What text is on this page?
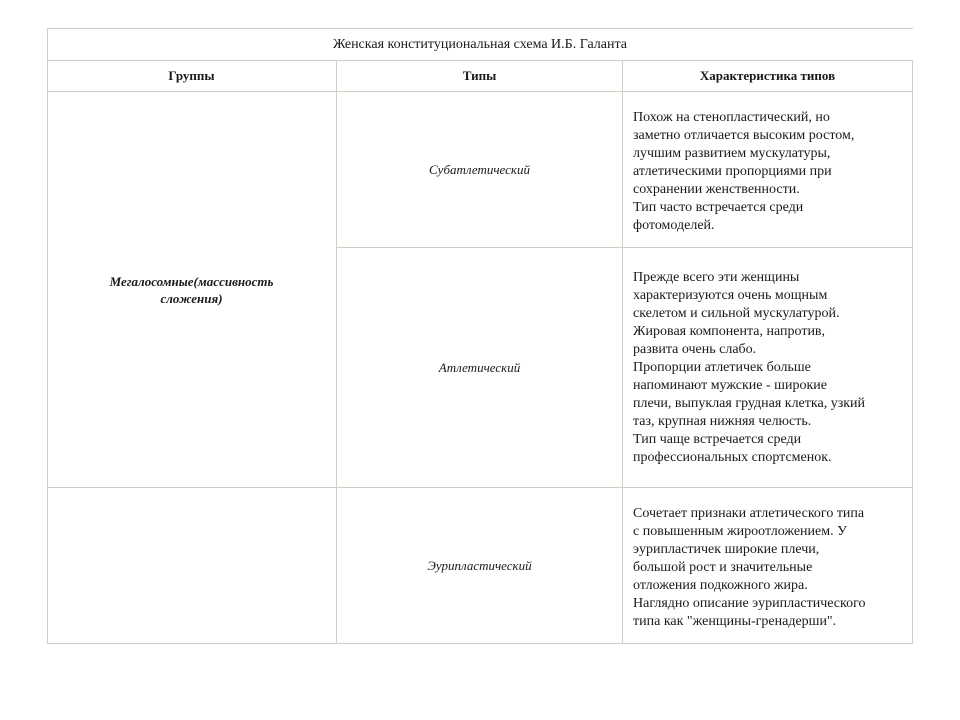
Женская конституциональная схема И.Б. Галанта
Группы	Типы	Характеристика типов
Мегалосомные(массивность сложения)
Субатлетический
Похож на стенопластический, но
заметно отличается высоким ростом,
лучшим развитием мускулатуры,
атлетическими пропорциями при
сохранении женственности.
Тип часто встречается среди
фотомоделей.
Атлетический
Прежде всего эти женщины
характеризуются очень мощным
скелетом и сильной мускулатурой.
Жировая компонента, напротив,
развита очень слабо.
Пропорции атлетичек больше
напоминают мужские - широкие
плечи, выпуклая грудная клетка, узкий
таз, крупная нижняя челюсть.
Тип чаще встречается среди
профессиональных спортсменок.
Эурипластический
Сочетает признаки атлетического типа
с повышенным жироотложением. У
эурипластичек широкие плечи,
большой рост и значительные
отложения подкожного жира.
Наглядно описание эурипластического
типа как "женщины-гренадерши".
